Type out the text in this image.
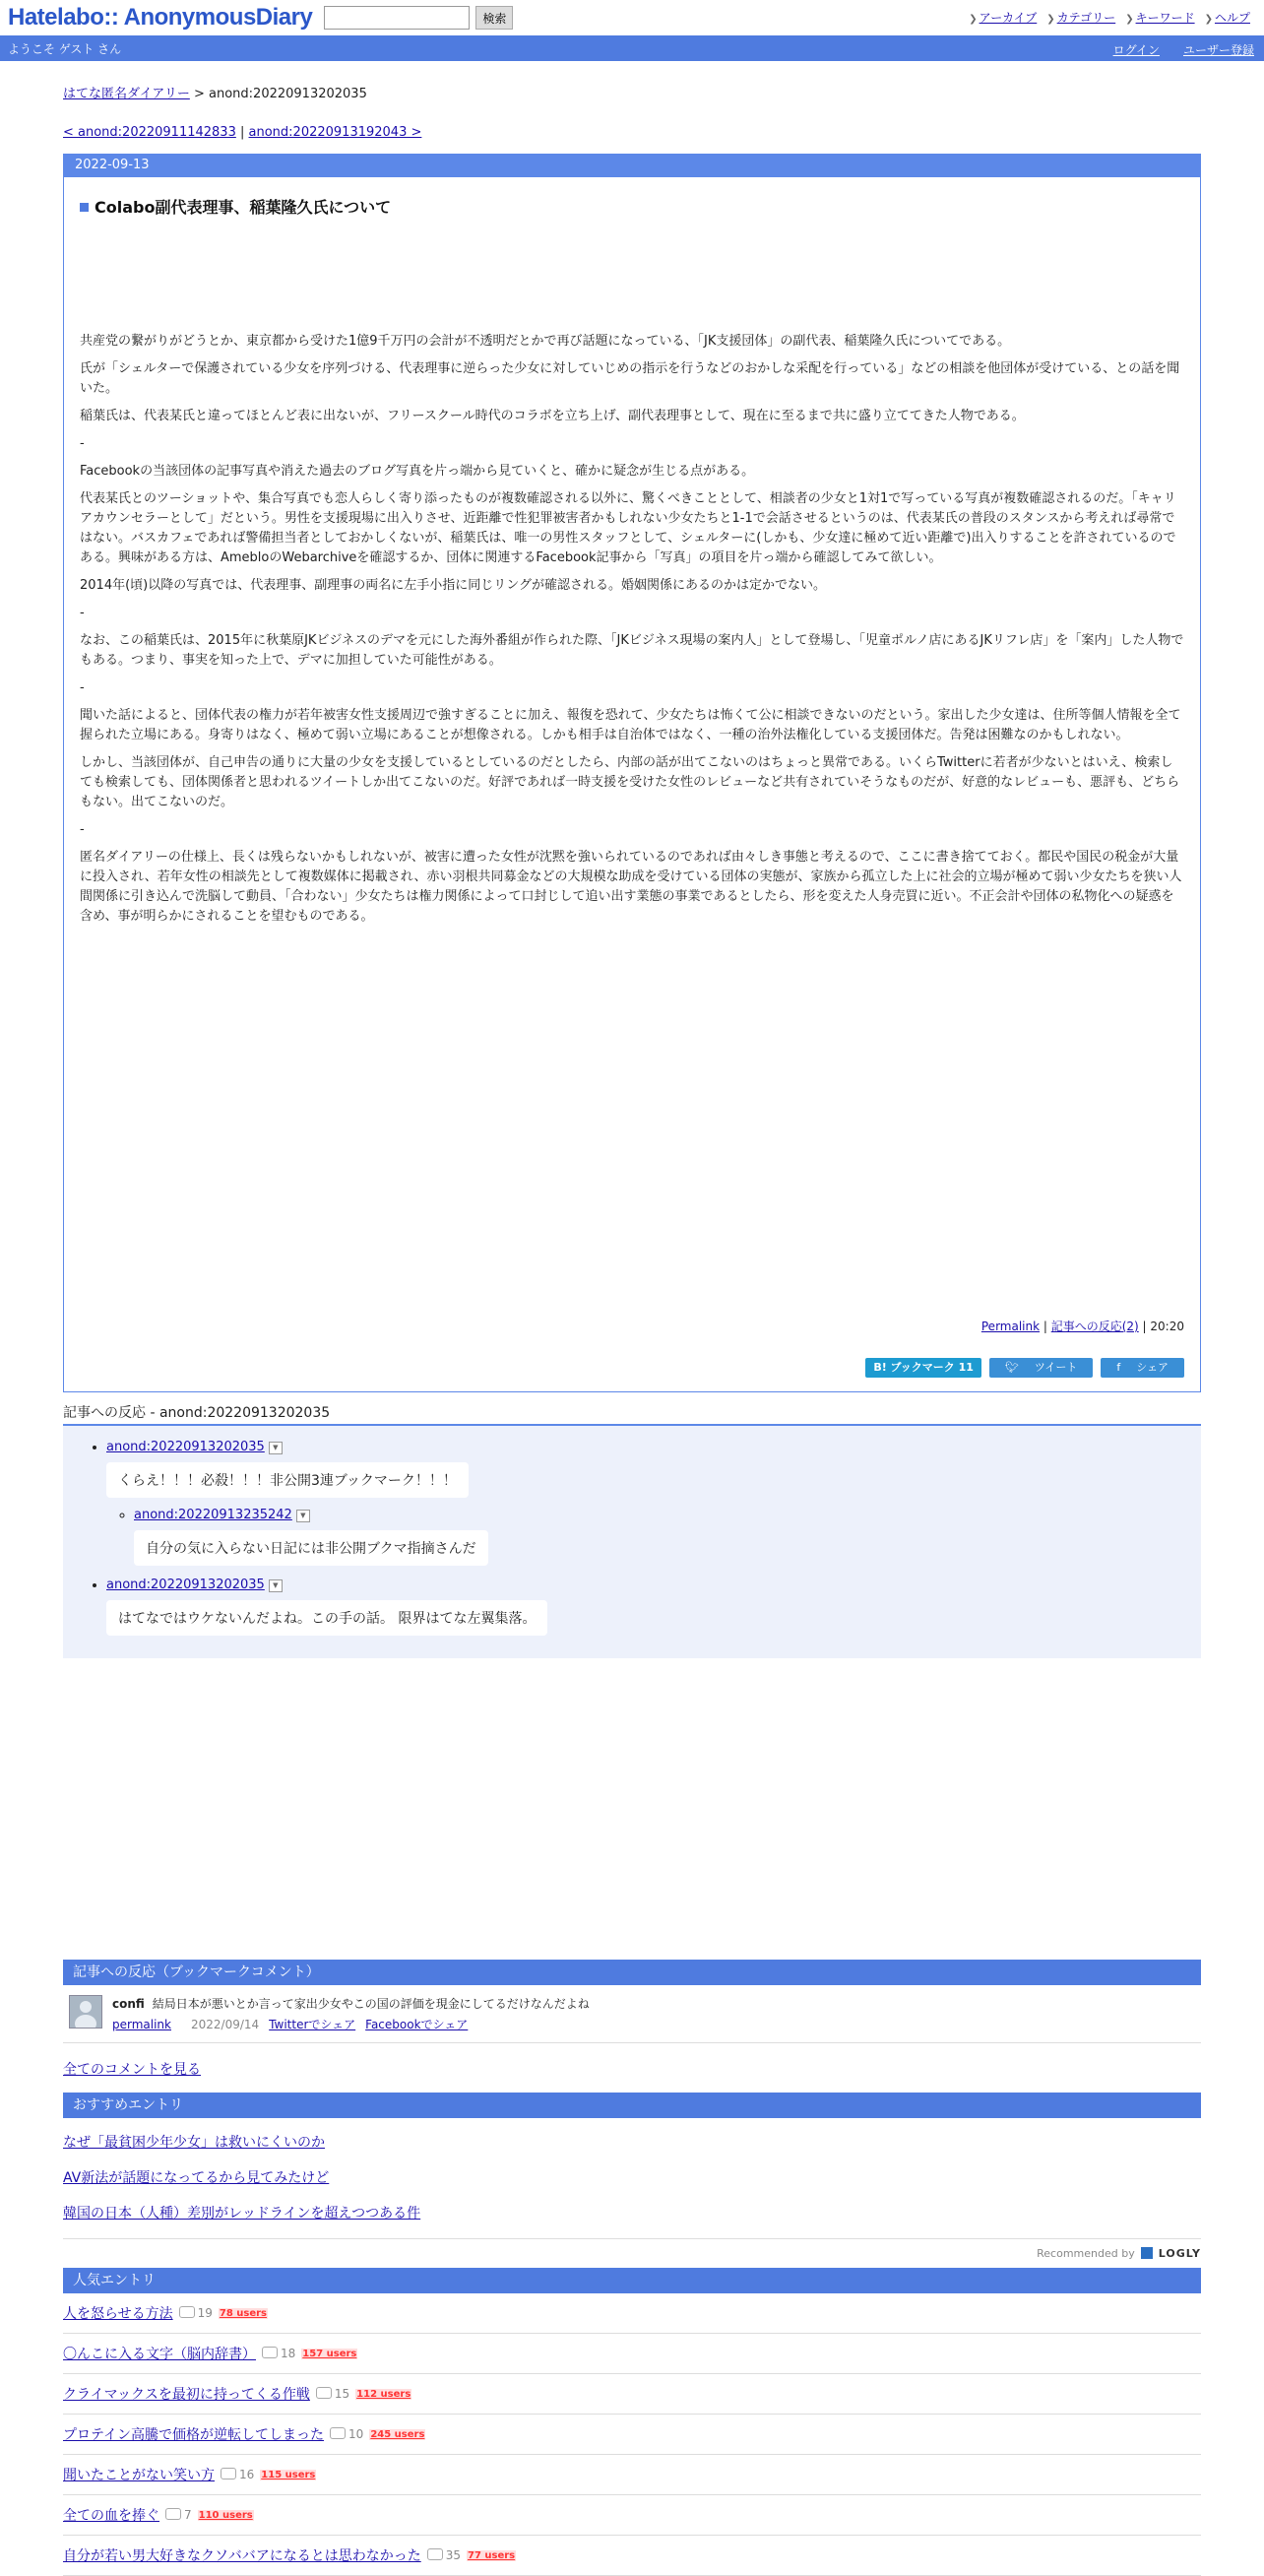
Hatelabo:: AnonymousDiary	検索	❯ アーカイブ ❯ カテゴリー ❯ キーワード ❯ ヘルプ
ようこそ ゲスト さん	ログイン ユーザー登録
はてな匿名ダイアリー > anond:20220913202035
< anond:20220911142833 | anond:20220913192043 >
2022-09-13
Colabo副代表理事、稲葉隆久氏について

共産党の繋がりがどうとか、東京都から受けた1億9千万円の会計が不透明だとかで再び話題になっている、「JK支援団体」の副代表、稲葉隆久氏についてである。

氏が「シェルターで保護されている少女を序列づける、代表理事に逆らった少女に対していじめの指示を行うなどのおかしな采配を行っている」などの相談を他団体が受けている、との話を聞いた。

稲葉氏は、代表某氏と違ってほとんど表に出ないが、フリースクール時代のコラボを立ち上げ、副代表理事として、現在に至るまで共に盛り立ててきた人物である。

-

Facebookの当該団体の記事写真や消えた過去のブログ写真を片っ端から見ていくと、確かに疑念が生じる点がある。

代表某氏とのツーショットや、集合写真でも恋人らしく寄り添ったものが複数確認される以外に、驚くべきこととして、相談者の少女と1対1で写っている写真が複数確認されるのだ。「キャリアカウンセラーとして」だという。男性を支援現場に出入りさせ、近距離で性犯罪被害者かもしれない少女たちと1-1で会話させるというのは、代表某氏の普段のスタンスから考えれば尋常ではない。バスカフェであれば警備担当者としておかしくないが、稲葉氏は、唯一の男性スタッフとして、シェルターに(しかも、少女達に極めて近い距離で)出入りすることを許されているのである。興味がある方は、AmebloのWebarchiveを確認するか、団体に関連するFacebook記事から「写真」の項目を片っ端から確認してみて欲しい。

2014年(頃)以降の写真では、代表理事、副理事の両名に左手小指に同じリングが確認される。婚姻関係にあるのかは定かでない。

-

なお、この稲葉氏は、2015年に秋葉原JKビジネスのデマを元にした海外番組が作られた際、「JKビジネス現場の案内人」として登場し、「児童ポルノ店にあるJKリフレ店」を「案内」した人物でもある。つまり、事実を知った上で、デマに加担していた可能性がある。

-

聞いた話によると、団体代表の権力が若年被害女性支援周辺で強すぎることに加え、報復を恐れて、少女たちは怖くて公に相談できないのだという。家出した少女達は、住所等個人情報を全て握られた立場にある。身寄りはなく、極めて弱い立場にあることが想像される。しかも相手は自治体ではなく、一種の治外法権化している支援団体だ。告発は困難なのかもしれない。

しかし、当該団体が、自己申告の通りに大量の少女を支援しているとしているのだとしたら、内部の話が出てこないのはちょっと異常である。いくらTwitterに若者が少ないとはいえ、検索しても検索しても、団体関係者と思われるツイートしか出てこないのだ。好評であれば一時支援を受けた女性のレビューなど共有されていそうなものだが、好意的なレビューも、悪評も、どちらもない。出てこないのだ。

-

匿名ダイアリーの仕様上、長くは残らないかもしれないが、被害に遭った女性が沈黙を強いられているのであれば由々しき事態と考えるので、ここに書き捨てておく。都民や国民の税金が大量に投入され、若年女性の相談先として複数媒体に掲載され、赤い羽根共同募金などの大規模な助成を受けている団体の実態が、家族から孤立した上に社会的立場が極めて弱い少女たちを狭い人間関係に引き込んで洗脳して動員、「合わない」少女たちは権力関係によって口封じして追い出す業態の事業であるとしたら、形を変えた人身売買に近い。不正会計や団体の私物化への疑惑を含め、事が明らかにされることを望むものである。

Permalink | 記事への反応(2) | 20:20
B! ブックマーク 11	🐦︎ツイート	fシェア
記事への反応 - anond:20220913202035
• anond:20220913202035 ▼
くらえ！！！必殺！！！非公開3連ブックマーク！！！
◦ anond:20220913235242 ▼
自分の気に入らない日記には非公開ブクマ指摘さんだ
• anond:20220913202035 ▼
はてなではウケないんだよね。この手の話。 限界はてな左翼集落。
記事への反応（ブックマークコメント）
confi 結局日本が悪いとか言って家出少女やこの国の評価を現金にしてるだけなんだよね
permalink 2022/09/14 Twitterでシェア Facebookでシェア
全てのコメントを見る
おすすめエントリ
なぜ「最貧困少年少女」は救いにくいのか
AV新法が話題になってるから見てみたけど
韓国の日本（人種）差別がレッドラインを超えつつある件
Recommended by LOGLY
人気エントリ
人を怒らせる方法	19 78 users
〇んこに入る文字（脳内辞書）	18 157 users
クライマックスを最初に持ってくる作戦	15 112 users
プロテイン高騰で価格が逆転してしまった	10 245 users
聞いたことがない笑い方	16 115 users
全ての血を捧ぐ	7 110 users
自分が若い男大好きなクソババアになるとは思わなかった	35 77 users
